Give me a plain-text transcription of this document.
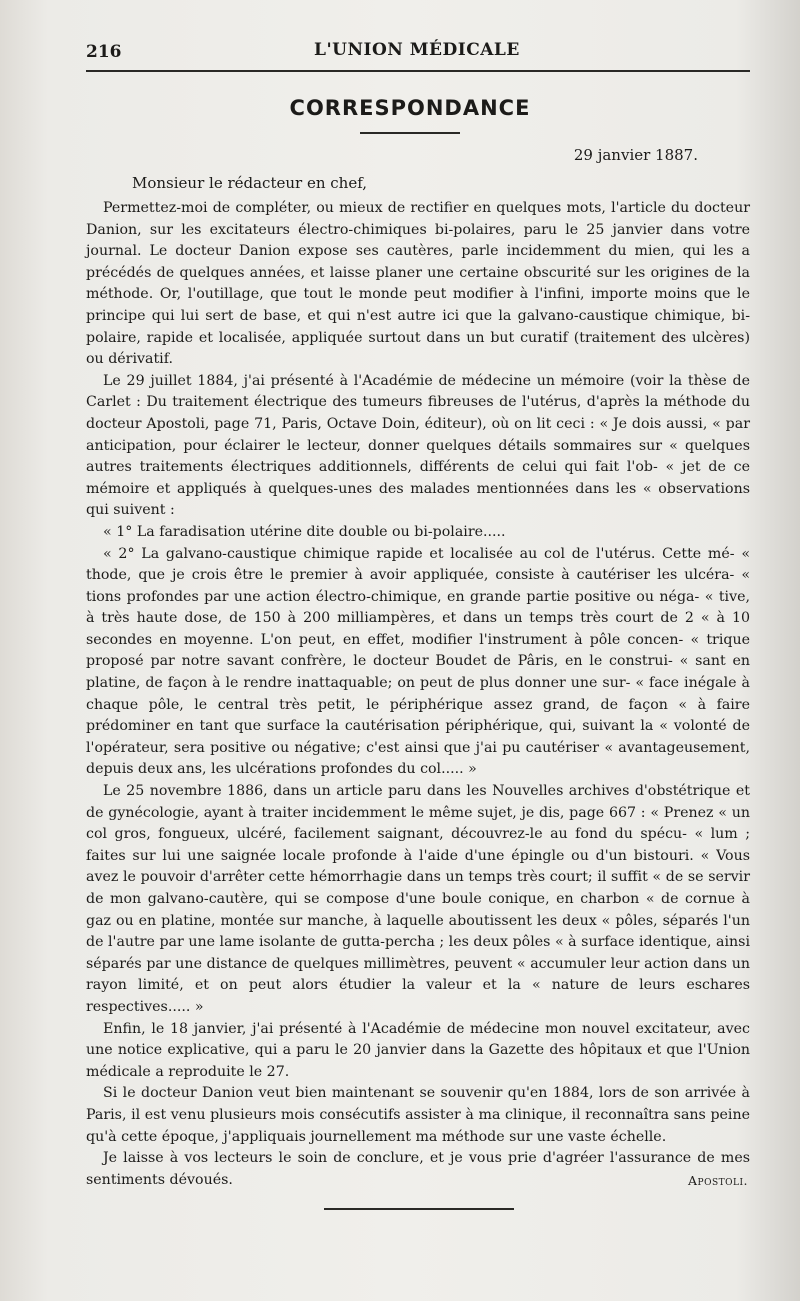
216	L'UNION MÉDICALE
CORRESPONDANCE
29 janvier 1887.
Monsieur le rédacteur en chef,

Permettez-moi de compléter, ou mieux de rectifier en quelques mots, l'article du docteur Danion, sur les excitateurs électro-chimiques bi-polaires, paru le 25 janvier dans votre journal. Le docteur Danion expose ses cautères, parle incidemment du mien, qui les a précédés de quelques années, et laisse planer une certaine obscurité sur les origines de la méthode. Or, l'outillage, que tout le monde peut modifier à l'infini, importe moins que le principe qui lui sert de base, et qui n'est autre ici que la galvano-caustique chimique, bi-polaire, rapide et localisée, appliquée surtout dans un but curatif (traitement des ulcères) ou dérivatif.

Le 29 juillet 1884, j'ai présenté à l'Académie de médecine un mémoire (voir la thèse de Carlet : Du traitement électrique des tumeurs fibreuses de l'utérus, d'après la méthode du docteur Apostoli, page 71, Paris, Octave Doin, éditeur), où on lit ceci : « Je dois aussi, « par anticipation, pour éclairer le lecteur, donner quelques détails sommaires sur « quelques autres traitements électriques additionnels, différents de celui qui fait l'ob- « jet de ce mémoire et appliqués à quelques-unes des malades mentionnées dans les « observations qui suivent :

« 1° La faradisation utérine dite double ou bi-polaire.....

« 2° La galvano-caustique chimique rapide et localisée au col de l'utérus. Cette mé- « thode, que je crois être le premier à avoir appliquée, consiste à cautériser les ulcéra- « tions profondes par une action électro-chimique, en grande partie positive ou néga- « tive, à très haute dose, de 150 à 200 milliampères, et dans un temps très court de 2 « à 10 secondes en moyenne. L'on peut, en effet, modifier l'instrument à pôle concen- « trique proposé par notre savant confrère, le docteur Boudet de Pâris, en le construi- « sant en platine, de façon à le rendre inattaquable; on peut de plus donner une sur- « face inégale à chaque pôle, le central très petit, le périphérique assez grand, de façon « à faire prédominer en tant que surface la cautérisation périphérique, qui, suivant la « volonté de l'opérateur, sera positive ou négative; c'est ainsi que j'ai pu cautériser « avantageusement, depuis deux ans, les ulcérations profondes du col..... »

Le 25 novembre 1886, dans un article paru dans les Nouvelles archives d'obstétrique et de gynécologie, ayant à traiter incidemment le même sujet, je dis, page 667 : « Prenez « un col gros, fongueux, ulcéré, facilement saignant, découvrez-le au fond du spécu- « lum ; faites sur lui une saignée locale profonde à l'aide d'une épingle ou d'un bistouri. « Vous avez le pouvoir d'arrêter cette hémorrhagie dans un temps très court; il suffit « de se servir de mon galvano-cautère, qui se compose d'une boule conique, en charbon « de cornue à gaz ou en platine, montée sur manche, à laquelle aboutissent les deux « pôles, séparés l'un de l'autre par une lame isolante de gutta-percha ; les deux pôles « à surface identique, ainsi séparés par une distance de quelques millimètres, peuvent « accumuler leur action dans un rayon limité, et on peut alors étudier la valeur et la « nature de leurs eschares respectives..... »

Enfin, le 18 janvier, j'ai présenté à l'Académie de médecine mon nouvel excitateur, avec une notice explicative, qui a paru le 20 janvier dans la Gazette des hôpitaux et que l'Union médicale a reproduite le 27.

Si le docteur Danion veut bien maintenant se souvenir qu'en 1884, lors de son arrivée à Paris, il est venu plusieurs mois consécutifs assister à ma clinique, il reconnaîtra sans peine qu'à cette époque, j'appliquais journellement ma méthode sur une vaste échelle.

Je laisse à vos lecteurs le soin de conclure, et je vous prie d'agréer l'assurance de mes sentiments dévoués.	Apostoli.
